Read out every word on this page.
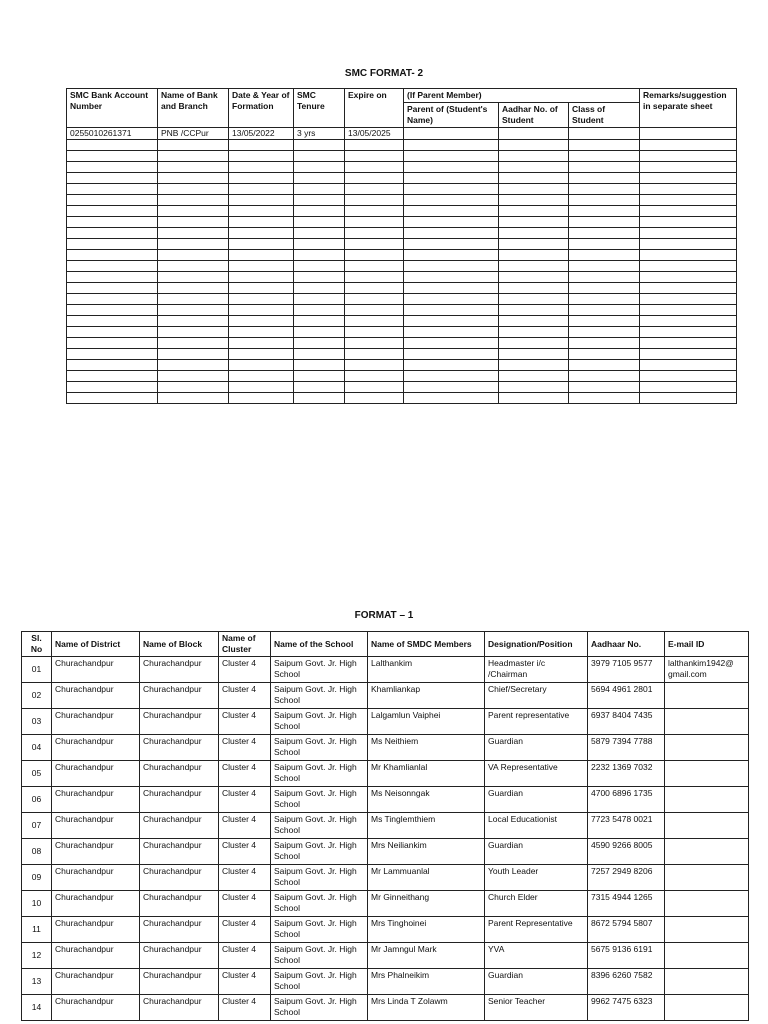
SMC FORMAT- 2
SMC Bank Account Number	Name of Bank and Branch	Date & Year of Formation	SMC Tenure	Expire on	(If Parent Member)			Remarks/suggestion in separate sheet
					Parent of (Student's Name)	Aadhar No. of Student	Class of Student	
0255010261371	PNB /CCPur	13/05/2022	3 yrs	13/05/2025				

FORMAT – 1
Sl. No	Name of District	Name of Block	Name of Cluster	Name of the School	Name of SMDC Members	Designation/Position	Aadhaar No.	E-mail ID
01	Churachandpur	Churachandpur	Cluster 4	Saipum Govt. Jr. High School	Lalthankim	Headmaster i/c /Chairman	3979 7105 9577	lalthankim1942@ gmail.com
02	Churachandpur	Churachandpur	Cluster 4	Saipum Govt. Jr. High School	Khamliankap	Chief/Secretary	5694 4961 2801	
03	Churachandpur	Churachandpur	Cluster 4	Saipum Govt. Jr. High School	Lalgamlun Vaiphei	Parent representative	6937 8404 7435	
04	Churachandpur	Churachandpur	Cluster 4	Saipum Govt. Jr. High School	Ms Neithiem	Guardian	5879 7394 7788	
05	Churachandpur	Churachandpur	Cluster 4	Saipum Govt. Jr. High School	Mr Khamlianlal	VA Representative	2232 1369 7032	
06	Churachandpur	Churachandpur	Cluster 4	Saipum Govt. Jr. High School	Ms Neisonngak	Guardian	4700 6896 1735	
07	Churachandpur	Churachandpur	Cluster 4	Saipum Govt. Jr. High School	Ms Tinglemthiem	Local Educationist	7723 5478 0021	
08	Churachandpur	Churachandpur	Cluster 4	Saipum Govt. Jr. High School	Mrs Neiliankim	Guardian	4590 9266 8005	
09	Churachandpur	Churachandpur	Cluster 4	Saipum Govt. Jr. High School	Mr Lammuanlal	Youth Leader	7257 2949 8206	
10	Churachandpur	Churachandpur	Cluster 4	Saipum Govt. Jr. High School	Mr Ginneithang	Church Elder	7315 4944 1265	
11	Churachandpur	Churachandpur	Cluster 4	Saipum Govt. Jr. High School	Mrs Tinghoinei	Parent Representative	8672 5794 5807	
12	Churachandpur	Churachandpur	Cluster 4	Saipum Govt. Jr. High School	Mr Jamngul Mark	YVA	5675 9136 6191	
13	Churachandpur	Churachandpur	Cluster 4	Saipum Govt. Jr. High School	Mrs Phalneikim	Guardian	8396 6260 7582	
14	Churachandpur	Churachandpur	Cluster 4	Saipum Govt. Jr. High School	Mrs Linda T Zolawm	Senior Teacher	9962 7475 6323	
